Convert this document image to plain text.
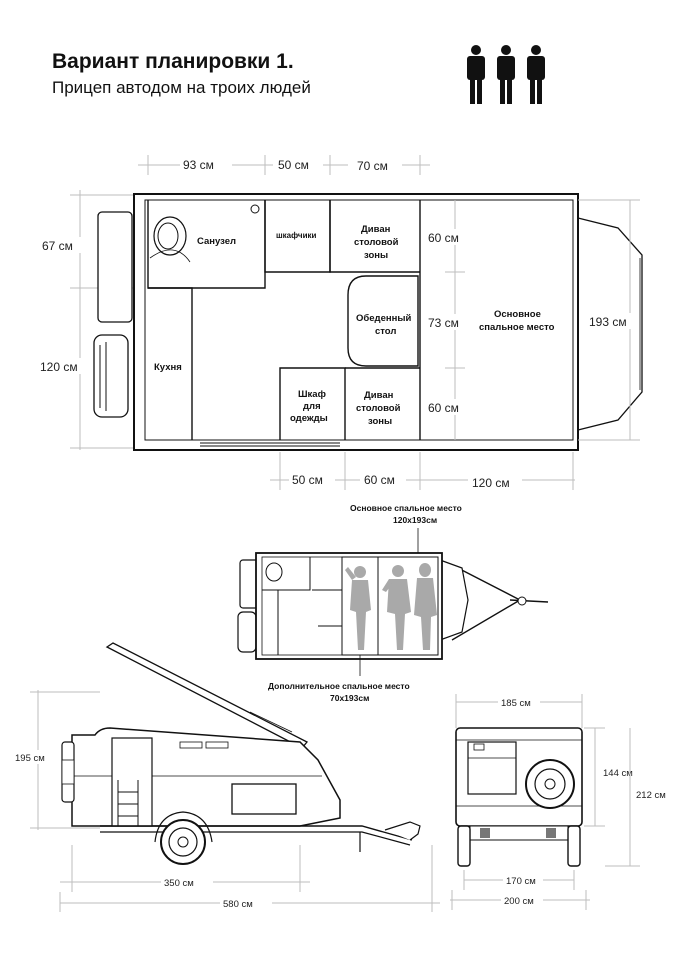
Вариант планировки 1.
Прицеп автодом на троих людей
93 см	50 см	70 см
67 см
120 см
Санузел
шкафчики
Диван
столовой
зоны
Обеденный
стол
Кухня
Шкаф
для
одежды
Диван
столовой
зоны
Основное
спальное место
60 см
73 см
60 см
193 см
50 см	60 см	120 см
Основное спальное место
120x193см
Дополнительное спальное место
70x193см
195 см
350 см
580 см
185 см
144 см
212 см
170 см
200 см
